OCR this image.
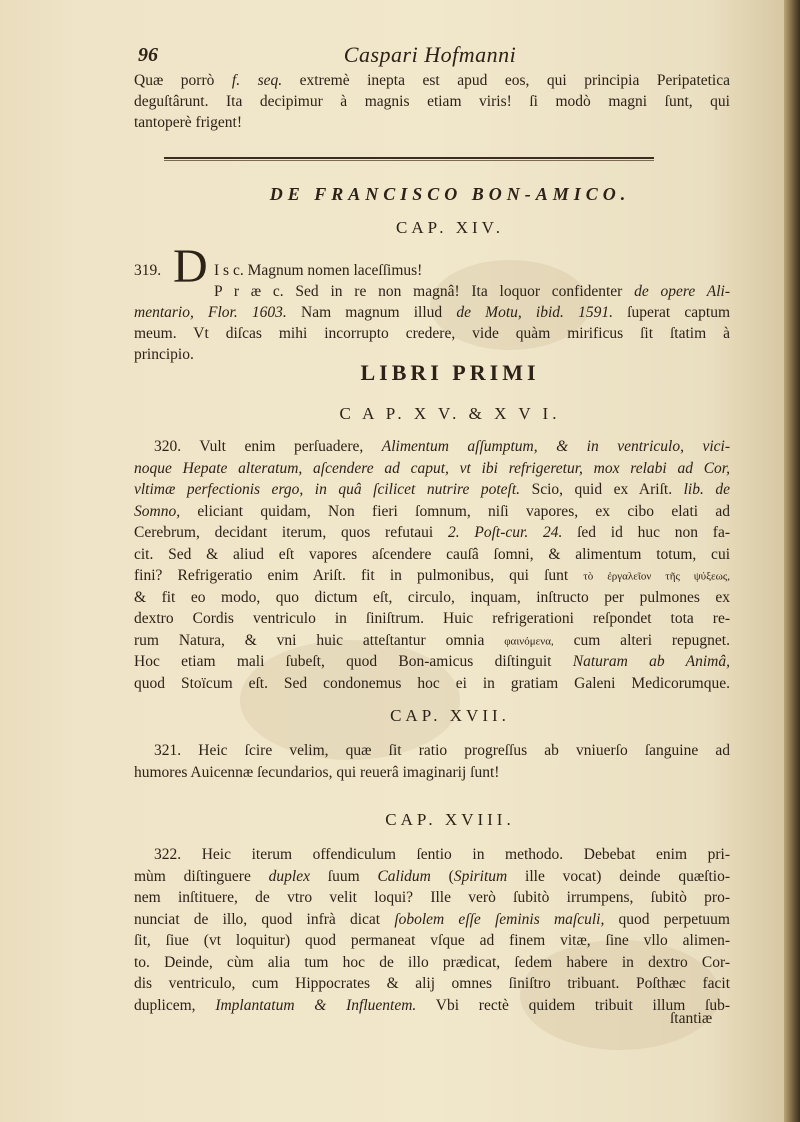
96	Caspari Hofmanni
Quæ porrò f. seq. extremè inepta est apud eos, qui principia Peripatetica
deguſtârunt. Ita decipimur à magnis etiam viris! ſi modò magni ſunt, qui
tantoperè frigent!
DE FRANCISCO BON-AMICO.
CAP. XIV.
319. D I s c. Magnum nomen laceſſimus!
P r æ c. Sed in re non magnâ! Ita loquor confidenter de opere Ali-
mentario, Flor. 1603. Nam magnum illud de Motu, ibid. 1591. ſuperat captum
meum. Vt diſcas mihi incorrupto credere, vide quàm mirificus ſit ſtatim à
principio.
LIBRI PRIMI
C A P. X V. & X V I.
320. Vult enim perſuadere, Alimentum aſſumptum, & in ventriculo, vici-
noque Hepate alteratum, aſcendere ad caput, vt ibi refrigeretur, mox relabi ad Cor,
vltimæ perfectionis ergo, in quâ ſcilicet nutrire poteſt. Scio, quid ex Ariſt. lib. de
Somno, eliciant quidam, Non fieri ſomnum, niſi vapores, ex cibo elati ad
Cerebrum, decidant iterum, quos refutaui 2. Poſt-cur. 24. ſed id huc non fa-
cit. Sed & aliud eſt vapores aſcendere cauſâ ſomni, & alimentum totum, cui
fini? Refrigeratio enim Ariſt. fit in pulmonibus, qui ſunt τὸ ἐργαλεῖον τῆς ψύξεως,
& fit eo modo, quo dictum eſt, circulo, inquam, inſtructo per pulmones ex
dextro Cordis ventriculo in ſiniſtrum. Huic refrigerationi reſpondet tota re-
rum Natura, & vni huic atteſtantur omnia φαινόμενα, cum alteri repugnet.
Hoc etiam mali ſubeſt, quod Bon-amicus diſtinguit Naturam ab Animâ,
quod Stoïcum eſt. Sed condonemus hoc ei in gratiam Galeni Medicorumque.
CAP. XVII.
321. Heic ſcire velim, quæ ſit ratio progreſſus ab vniuerſo ſanguine ad
humores Auicennæ ſecundarios, qui reuerâ imaginarij ſunt!
CAP. XVIII.
322. Heic iterum offendiculum ſentio in methodo. Debebat enim pri-
mùm diſtinguere duplex ſuum Calidum (Spiritum ille vocat) deinde quæſtio-
nem inſtituere, de vtro velit loqui? Ille verò ſubitò irrumpens, ſubitò pro-
nunciat de illo, quod infrà dicat ſobolem eſſe ſeminis maſculi, quod perpetuum
ſit, ſiue (vt loquitur) quod permaneat vſque ad finem vitæ, ſine vllo alimen-
to. Deinde, cùm alia tum hoc de illo prædicat, ſedem habere in dextro Cor-
dis ventriculo, cum Hippocrates & alij omnes ſiniſtro tribuant. Poſthæc facit
duplicem, Implantatum & Influentem. Vbi rectè quidem tribuit illum ſub-
ſtantiæ
